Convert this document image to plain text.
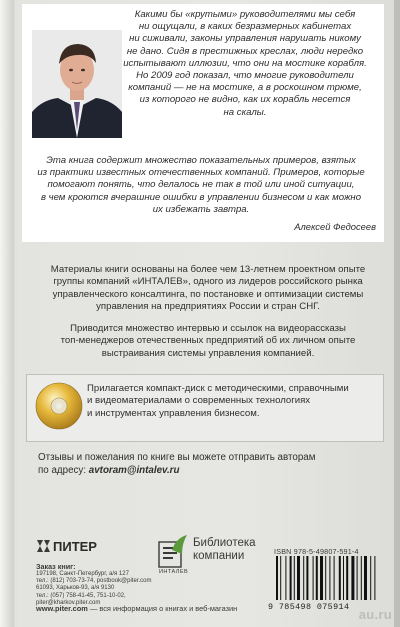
Какими бы «крутыми» руководителями мы себя
ни ощущали, в каких безразмерных кабинетах
ни сиживали, законы управления нарушать никому
не дано. Сидя в престижных креслах, люди нередко
испытывают иллюзии, что они на мостике корабля.
Но 2009 год показал, что многие руководители
компаний — не на мостике, а в роскошном трюме,
из которого не видно, как их корабль несется
на скалы.
Эта книга содержит множество показательных примеров, взятых
из практики известных отечественных компаний. Примеров, которые
помогают понять, что делалось не так в той или иной ситуации,
в чем кроются вчерашние ошибки в управлении бизнесом и как можно
их избежать завтра.
Алексей Федосеев
Материалы книги основаны на более чем 13-летнем проектном опыте
группы компаний «ИНТАЛЕВ», одного из лидеров российского рынка
управленческого консалтинга, по постановке и оптимизации системы
управления на предприятиях России и стран СНГ.
Приводится множество интервью и ссылок на видеорассказы
топ-менеджеров отечественных предприятий об их личном опыте
выстраивания системы управления компанией.
Прилагается компакт-диск с методическими, справочными
и видеоматериалами о современных технологиях
и инструментах управления бизнесом.
Отзывы и пожелания по книге вы можете отправить авторам
по адресу: avtoram@intalev.ru
ПИТЕР
Заказ книг:
197198, Санкт-Петербург, а/я 127
тел.: (812) 703-73-74, postbook@piter.com
61093, Харьков-93, а/я 9130
тел.: (057) 758-41-45, 751-10-02, piter@kharkov.piter.com
www.piter.com — вся информация о книгах и веб-магазин
Библиотека
компании
ИНТАЛЕВ
ISBN 978-5-49807-591-4
9 785498 075914 au.ru
